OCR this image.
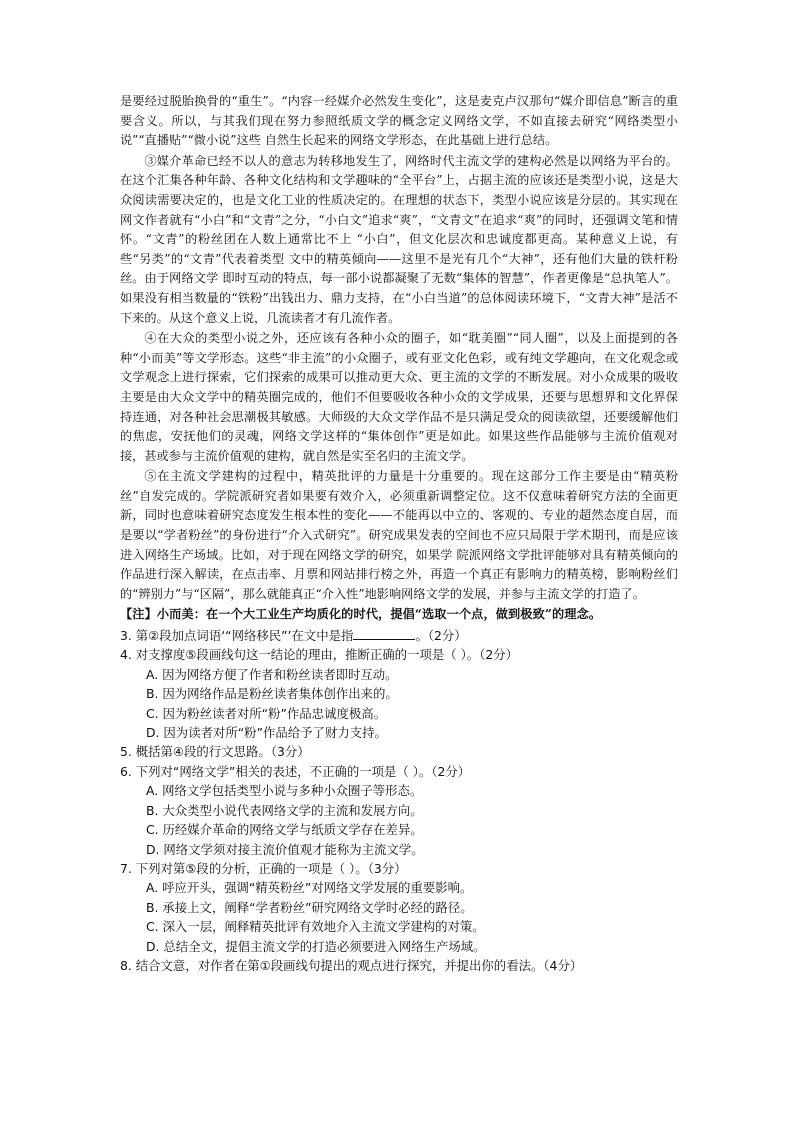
是要经过脱胎换骨的“重生”。“内容一经媒介必然发生变化”，这是麦克卢汉那句“媒介即信息”断言的重要含义。所以，与其我们现在努力参照纸质文学的概念定义网络文学，不如直接去研究“网络类型小说”“直播贴”“微小说”这些 自然生长起来的网络文学形态，在此基础上进行总结。

③媒介革命已经不以人的意志为转移地发生了，网络时代主流文学的建构必然是以网络为平台的。在这个汇集各种年龄、各种文化结构和文学趣味的“全平台”上，占据主流的应该还是类型小说，这是大众阅读需要决定的，也是文化工业的性质决定的。在理想的状态下，类型小说应该是分层的。其实现在网文作者就有“小白”和“文青”之分，“小白文”追求“爽”，“文青文”在追求“爽”的同时，还强调文笔和情怀。“文青”的粉丝团在人数上通常比不上 “小白”，但文化层次和忠诚度都更高。某种意义上说，有些“另类”的“文青”代表着类型 文中的精英倾向——这里不是光有几个“大神”，还有他们大量的铁杆粉丝。由于网络文学 即时互动的特点，每一部小说都凝聚了无数“集体的智慧”，作者更像是“总执笔人”。如果没有相当数量的“铁粉”出钱出力、鼎力支持，在“小白当道”的总体阅读环境下，“文青大神”是活不下来的。从这个意义上说，几流读者才有几流作者。

④在大众的类型小说之外，还应该有各种小众的圈子，如“耽美圈”“同人圈”，以及上面提到的各种“小而美”等文学形态。这些“非主流”的小众圈子，或有亚文化色彩，或有纯文学趣向，在文化观念或文学观念上进行探索，它们探索的成果可以推动更大众、更主流的文学的不断发展。对小众成果的吸收主要是由大众文学中的精英圈完成的，他们不但要吸收各种小众的文学成果，还要与思想界和文化界保持连通，对各种社会思潮极其敏感。大师级的大众文学作品不是只满足受众的阅读欲望，还要缓解他们的焦虑，安抚他们的灵魂，网络文学这样的“集体创作”更是如此。如果这些作品能够与主流价值观对接，甚或参与主流价值观的建构，就自然是实至名归的主流文学。

⑤在主流文学建构的过程中，精英批评的力量是十分重要的。现在这部分工作主要是由“精英粉丝”自发完成的。学院派研究者如果要有效介入，必须重新调整定位。这不仅意味着研究方法的全面更新，同时也意味着研究态度发生根本性的变化——不能再以中立的、客观的、专业的超然态度自居，而是要以“学者粉丝”的身份进行“介入式研究”。研究成果发表的空间也不应只局限于学术期刊，而是应该进入网络生产场域。比如，对于现在网络文学的研究，如果学 院派网络文学批评能够对具有精英倾向的作品进行深入解读，在点击率、月票和网站排行榜之外，再造一个真正有影响力的精英榜，影响粉丝们的“辨别力”与“区隔”，那么就能真正“介入性”地影响网络文学的发展，并参与主流文学的打造了。

【注】小而美：在一个大工业生产均质化的时代，提倡“选取一个点，做到极致”的理念。

3. 第②段加点词语‘“网络移民”’在文中是指	。（2分）
4. 对支撑度⑤段画线句这一结论的理由，推断正确的一项是（ ）。（2分）
A. 因为网络方便了作者和粉丝读者即时互动。
B. 因为网络作品是粉丝读者集体创作出来的。
C. 因为粉丝读者对所“粉”作品忠诚度极高。
D. 因为读者对所“粉”作品给予了财力支持。
5. 概括第④段的行文思路。（3分）
6. 下列对“网络文学”相关的表述，不正确的一项是（ ）。（2分）
A. 网络文学包括类型小说与多种小众圈子等形态。
B. 大众类型小说代表网络文学的主流和发展方向。
C. 历经媒介革命的网络文学与纸质文学存在差异。
D. 网络文学须对接主流价值观才能称为主流文学。
7. 下列对第⑤段的分析，正确的一项是（ ）。（3分）
A. 呼应开头，强调“精英粉丝”对网络文学发展的重要影响。
B. 承接上文，阐释“学者粉丝”研究网络文学时必经的路径。
C. 深入一层，阐释精英批评有效地介入主流文学建构的对策。
D. 总结全文，提倡主流文学的打造必须要进入网络生产场域。
8. 结合文意，对作者在第①段画线句提出的观点进行探究，并提出你的看法。（4分）
